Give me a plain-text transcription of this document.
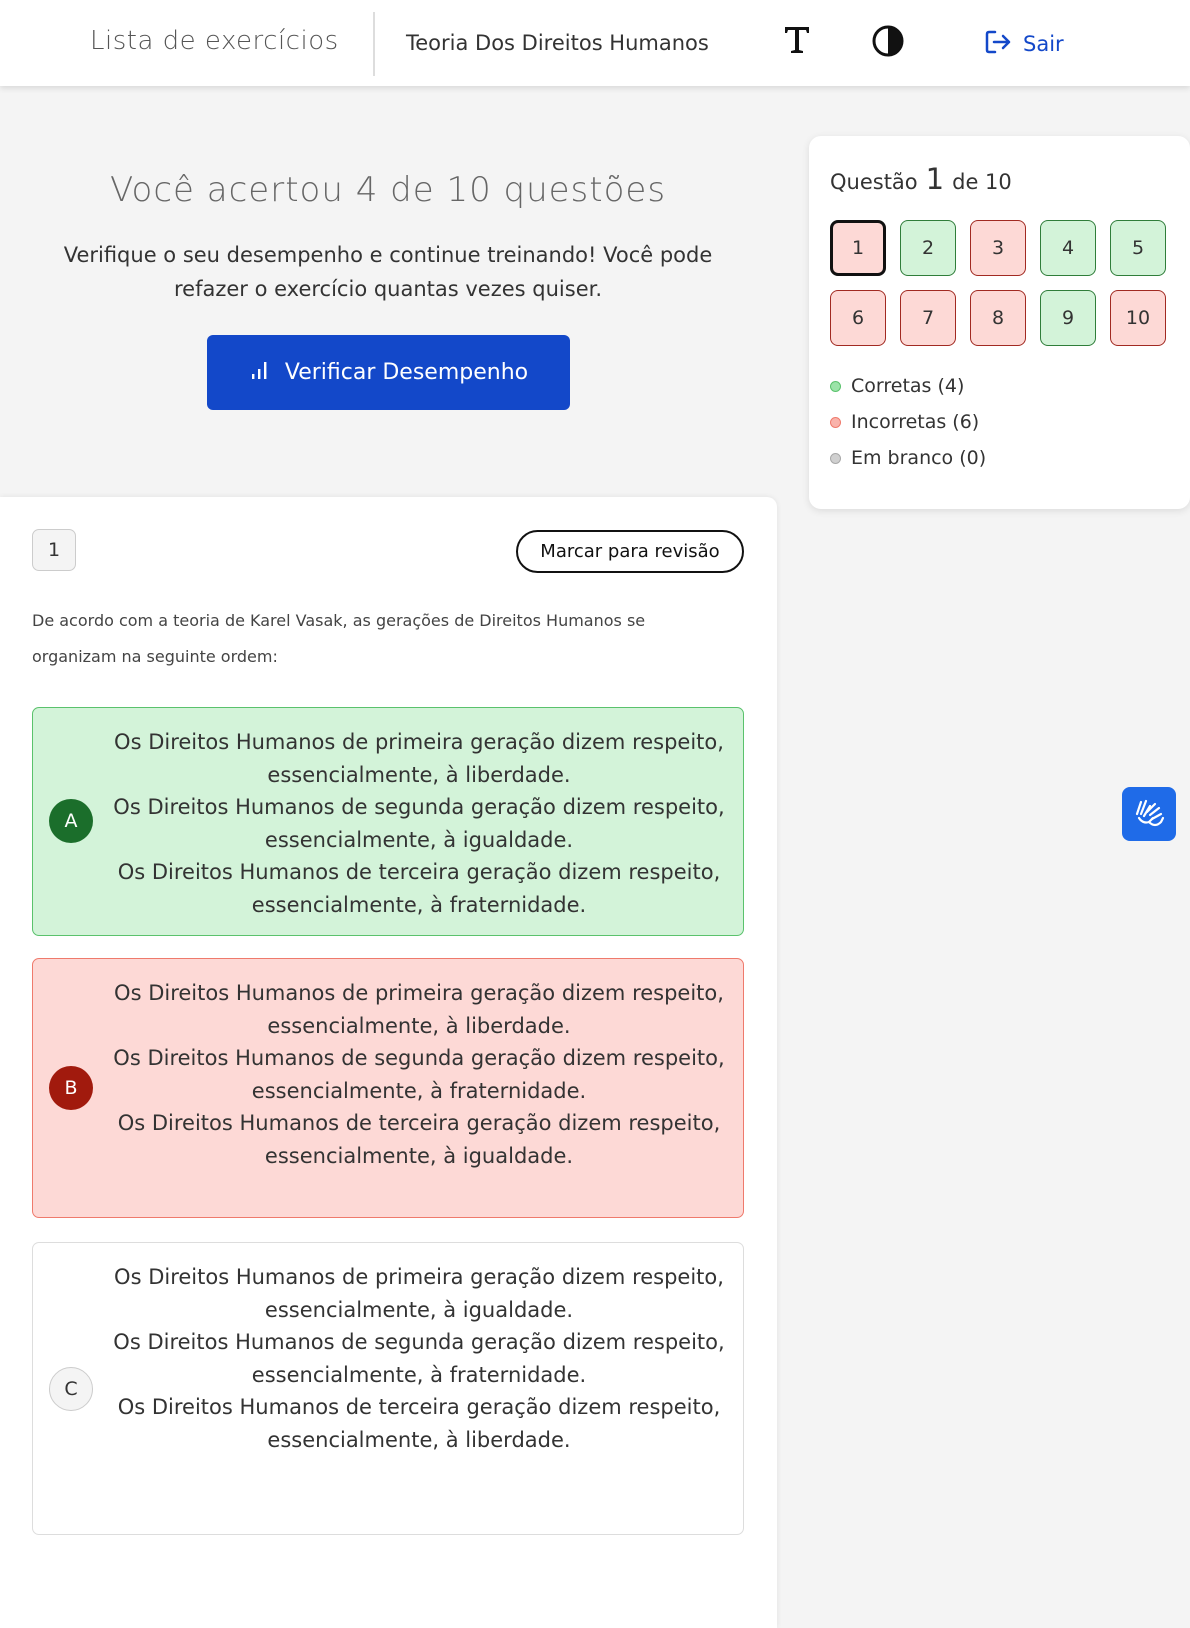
Lista de exercícios	Teoria Dos Direitos Humanos	Sair
Você acertou 4 de 10 questões
Verifique o seu desempenho e continue treinando! Você pode refazer o exercício quantas vezes quiser.
Verificar Desempenho
Questão 1 de 10
1	2	3	4	5
6	7	8	9	10
Corretas (4)
Incorretas (6)
Em branco (0)
1	Marcar para revisão
De acordo com a teoria de Karel Vasak, as gerações de Direitos Humanos se organizam na seguinte ordem:
A
Os Direitos Humanos de primeira geração dizem respeito, essencialmente, à liberdade.
Os Direitos Humanos de segunda geração dizem respeito, essencialmente, à igualdade.
Os Direitos Humanos de terceira geração dizem respeito, essencialmente, à fraternidade.
B
Os Direitos Humanos de primeira geração dizem respeito, essencialmente, à liberdade.
Os Direitos Humanos de segunda geração dizem respeito, essencialmente, à fraternidade.
Os Direitos Humanos de terceira geração dizem respeito, essencialmente, à igualdade.
C
Os Direitos Humanos de primeira geração dizem respeito, essencialmente, à igualdade.
Os Direitos Humanos de segunda geração dizem respeito, essencialmente, à fraternidade.
Os Direitos Humanos de terceira geração dizem respeito, essencialmente, à liberdade.
